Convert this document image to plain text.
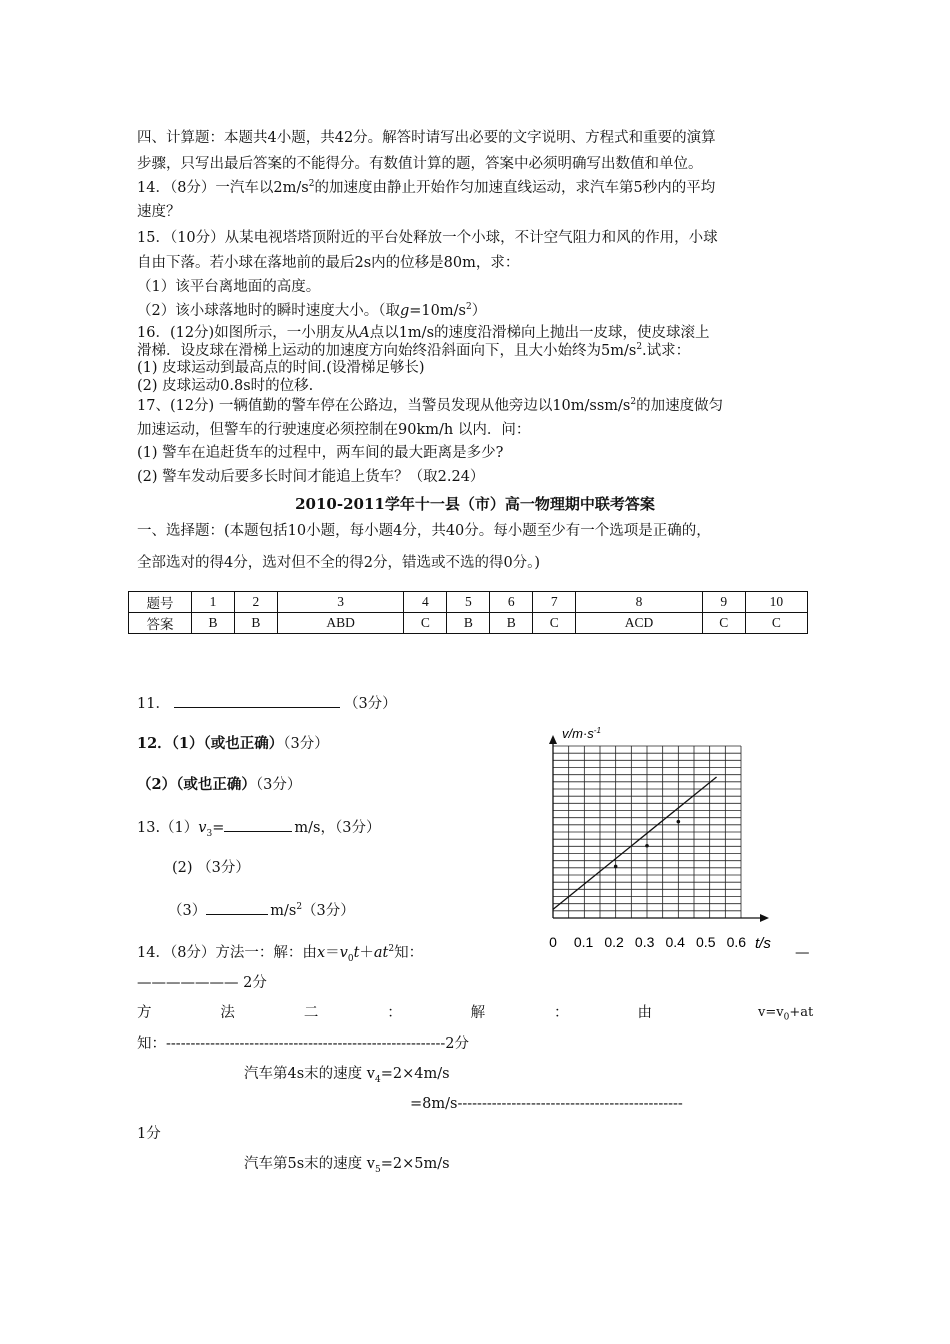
四、计算题：本题共4小题，共42分。解答时请写出必要的文字说明、方程式和重要的演算
步骤，只写出最后答案的不能得分。有数值计算的题，答案中必须明确写出数值和单位。
14．（8分）一汽车以$2m/s^2$的加速度由静止开始作匀加速直线运动，求汽车第5秒内的平均
速度？
15．（10分）从某电视塔塔顶附近的平台处释放一个小球，不计空气阻力和风的作用，小球
自由下落。若小球在落地前的最后2s内的位移是80m，求：
（1）该平台离地面的高度。
（2）该小球落地时的瞬时速度大小。（取$g=10m/s^2$）
16．(12分)如图所示，一小朋友从A点以1m/s的速度沿滑梯向上抛出一皮球，使皮球滚上
滑梯．设皮球在滑梯上运动的加速度方向始终沿斜面向下，且大小始终为$5m/s^2$.试求：
(1) 皮球运动到最高点的时间.(设滑梯足够长)
(2) 皮球运动0.8s时的位移.
17、(12分) 一辆值勤的警车停在公路边，当警员发现从他旁边以$10m/ssm/s^2$的加速度做匀
加速运动，但警车的行驶速度必须控制在90km/h 以内．问：
(1) 警车在追赶货车的过程中，两车间的最大距离是多少?
(2) 警车发动后要多长时间才能追上货车？（取2.24）
2010-2011学年十一县（市）高一物理期中联考答案
一、选择题：(本题包括10小题，每小题4分，共40分。每小题至少有一个选项是正确的，
全部选对的得4分，选对但不全的得2分，错选或不选的得0分。)
题号	1	2	3	4	5	6	7	8	9	10
答案	B	B	ABD	C	B	B	C	ACD	C	C
11．	（3分）
12．（1）（或也正确）（3分）
（2）（或也正确）（3分）
$13.(1)v_3=$	m/s，（3分）
(2) （3分）
（3）	$m/s^2(3$分）
14．（8分）方法一：解：由$x=v_0t+at^2$知：	—
——————— 2分
方	法	二	：	解	：	由	$v=v_0+at$
知：---------------------------------------------------------2分
汽车第4s末的速度 $v_4=2\times 4m/s$
=8m/s----------------------------------------------
1分
汽车第5s末的速度 $v_5=2\times 5m/s$
$v/m\cdot s^{-1}$
0 0.1 0.2 0.3 0.4 0.5 0.6 t/s
